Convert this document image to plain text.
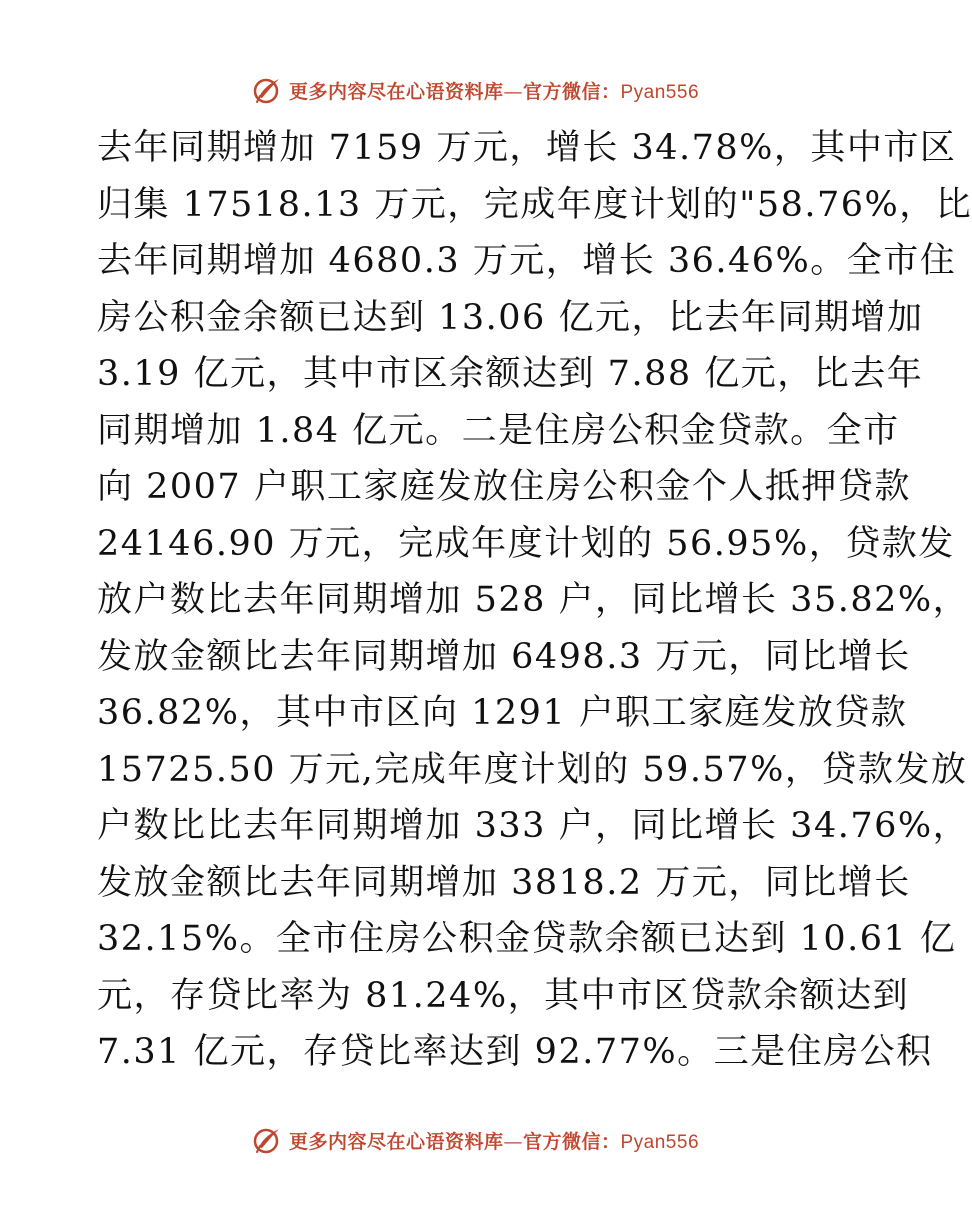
更多内容尽在心语资料库—官方微信：Pyan556
去年同期增加 7159 万元，增长 34.78%，其中市区
归集 17518.13 万元，完成年度计划的"58.76%，比
去年同期增加 4680.3 万元，增长 36.46%。全市住
房公积金余额已达到 13.06 亿元，比去年同期增加
3.19 亿元，其中市区余额达到 7.88 亿元，比去年
同期增加 1.84 亿元。二是住房公积金贷款。全市
向 2007 户职工家庭发放住房公积金个人抵押贷款
24146.90 万元，完成年度计划的 56.95%，贷款发
放户数比去年同期增加 528 户，同比增长 35.82%，
发放金额比去年同期增加 6498.3 万元，同比增长
36.82%，其中市区向 1291 户职工家庭发放贷款
15725.50 万元,完成年度计划的 59.57%，贷款发放
户数比比去年同期增加 333 户，同比增长 34.76%，
发放金额比去年同期增加 3818.2 万元，同比增长
32.15%。全市住房公积金贷款余额已达到 10.61 亿
元，存贷比率为 81.24%，其中市区贷款余额达到
7.31 亿元，存贷比率达到 92.77%。三是住房公积
更多内容尽在心语资料库—官方微信：Pyan556
